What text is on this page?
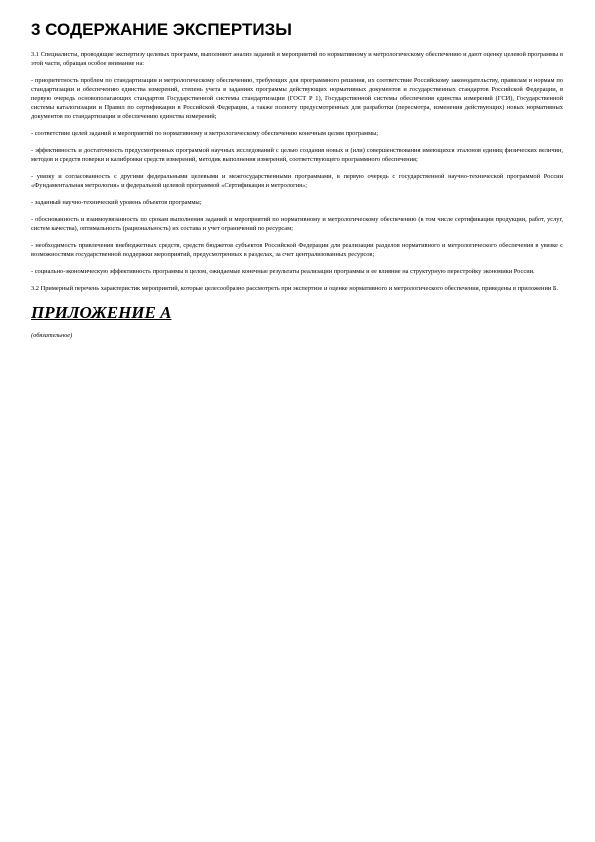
3 СОДЕРЖАНИЕ ЭКСПЕРТИЗЫ
3.1 Специалисты, проводящие экспертизу целевых программ, выполняют анализ заданий и мероприятий по нормативному и метрологическому обеспечению и дают оценку целевой программы в этой части, обращая особое внимание на:
- приоритетность проблем по стандартизации и метрологическому обеспечению, требующих для программного решения, их соответствие Российскому законодательству, правилам и нормам по стандартизации и обеспечению единства измерений, степень учета в заданиях программы действующих нормативных документов и государственных стандартов Российской Федерации, в первую очередь основополагающих стандартов Государственной системы стандартизации (ГОСТ Р 1), Государственной системы обеспечения единства измерений (ГСИ), Государственной системы каталогизации и Правил по сертификации в Российской Федерации, а также полноту предусмотренных для разработки (пересмотра, изменения действующих) новых нормативных документов по стандартизации и обеспечению единства измерений;
- соответствие целей заданий и мероприятий по нормативному и метрологическому обеспечению конечным целям программы;
- эффективность и достаточность предусмотренных программой научных исследований с целью создания новых и (или) совершенствования имеющихся эталонов единиц физических величин, методов и средств поверки и калибровки средств измерений, методик выполнения измерений, соответствующего программного обеспечения;
- увязку и согласованность с другими федеральными целевыми и межгосударственными программами, в первую очередь с государственной научно-технической программой России «Фундаментальная метрология» и федеральной целевой программой «Сертификация и метрология»;
- заданный научно-технический уровень объектов программы;
- обоснованность и взаимоувязанность по срокам выполнения заданий и мероприятий по нормативному и метрологическому обеспечению (в том числе сертификации продукции, работ, услуг, систем качества), оптимальность (рациональность) их состава и учет ограничений по ресурсам;
- необходимость привлечения внебюджетных средств, средств бюджетов субъектов Российской Федерации для реализации разделов нормативного и метрологического обеспечения в увязке с возможностями государственной поддержки мероприятий, предусмотренных в разделах, за счет централизованных ресурсов;
- социально-экономическую эффективность программы в целом, ожидаемые конечные результаты реализации программы и ее влияние на структурную перестройку экономики России.
3.2 Примерный перечень характеристик мероприятий, которые целесообразно рассмотреть при экспертизе и оценке нормативного и метрологического обеспечения, приведены в приложении Б.
ПРИЛОЖЕНИЕ А
(обязательное)
